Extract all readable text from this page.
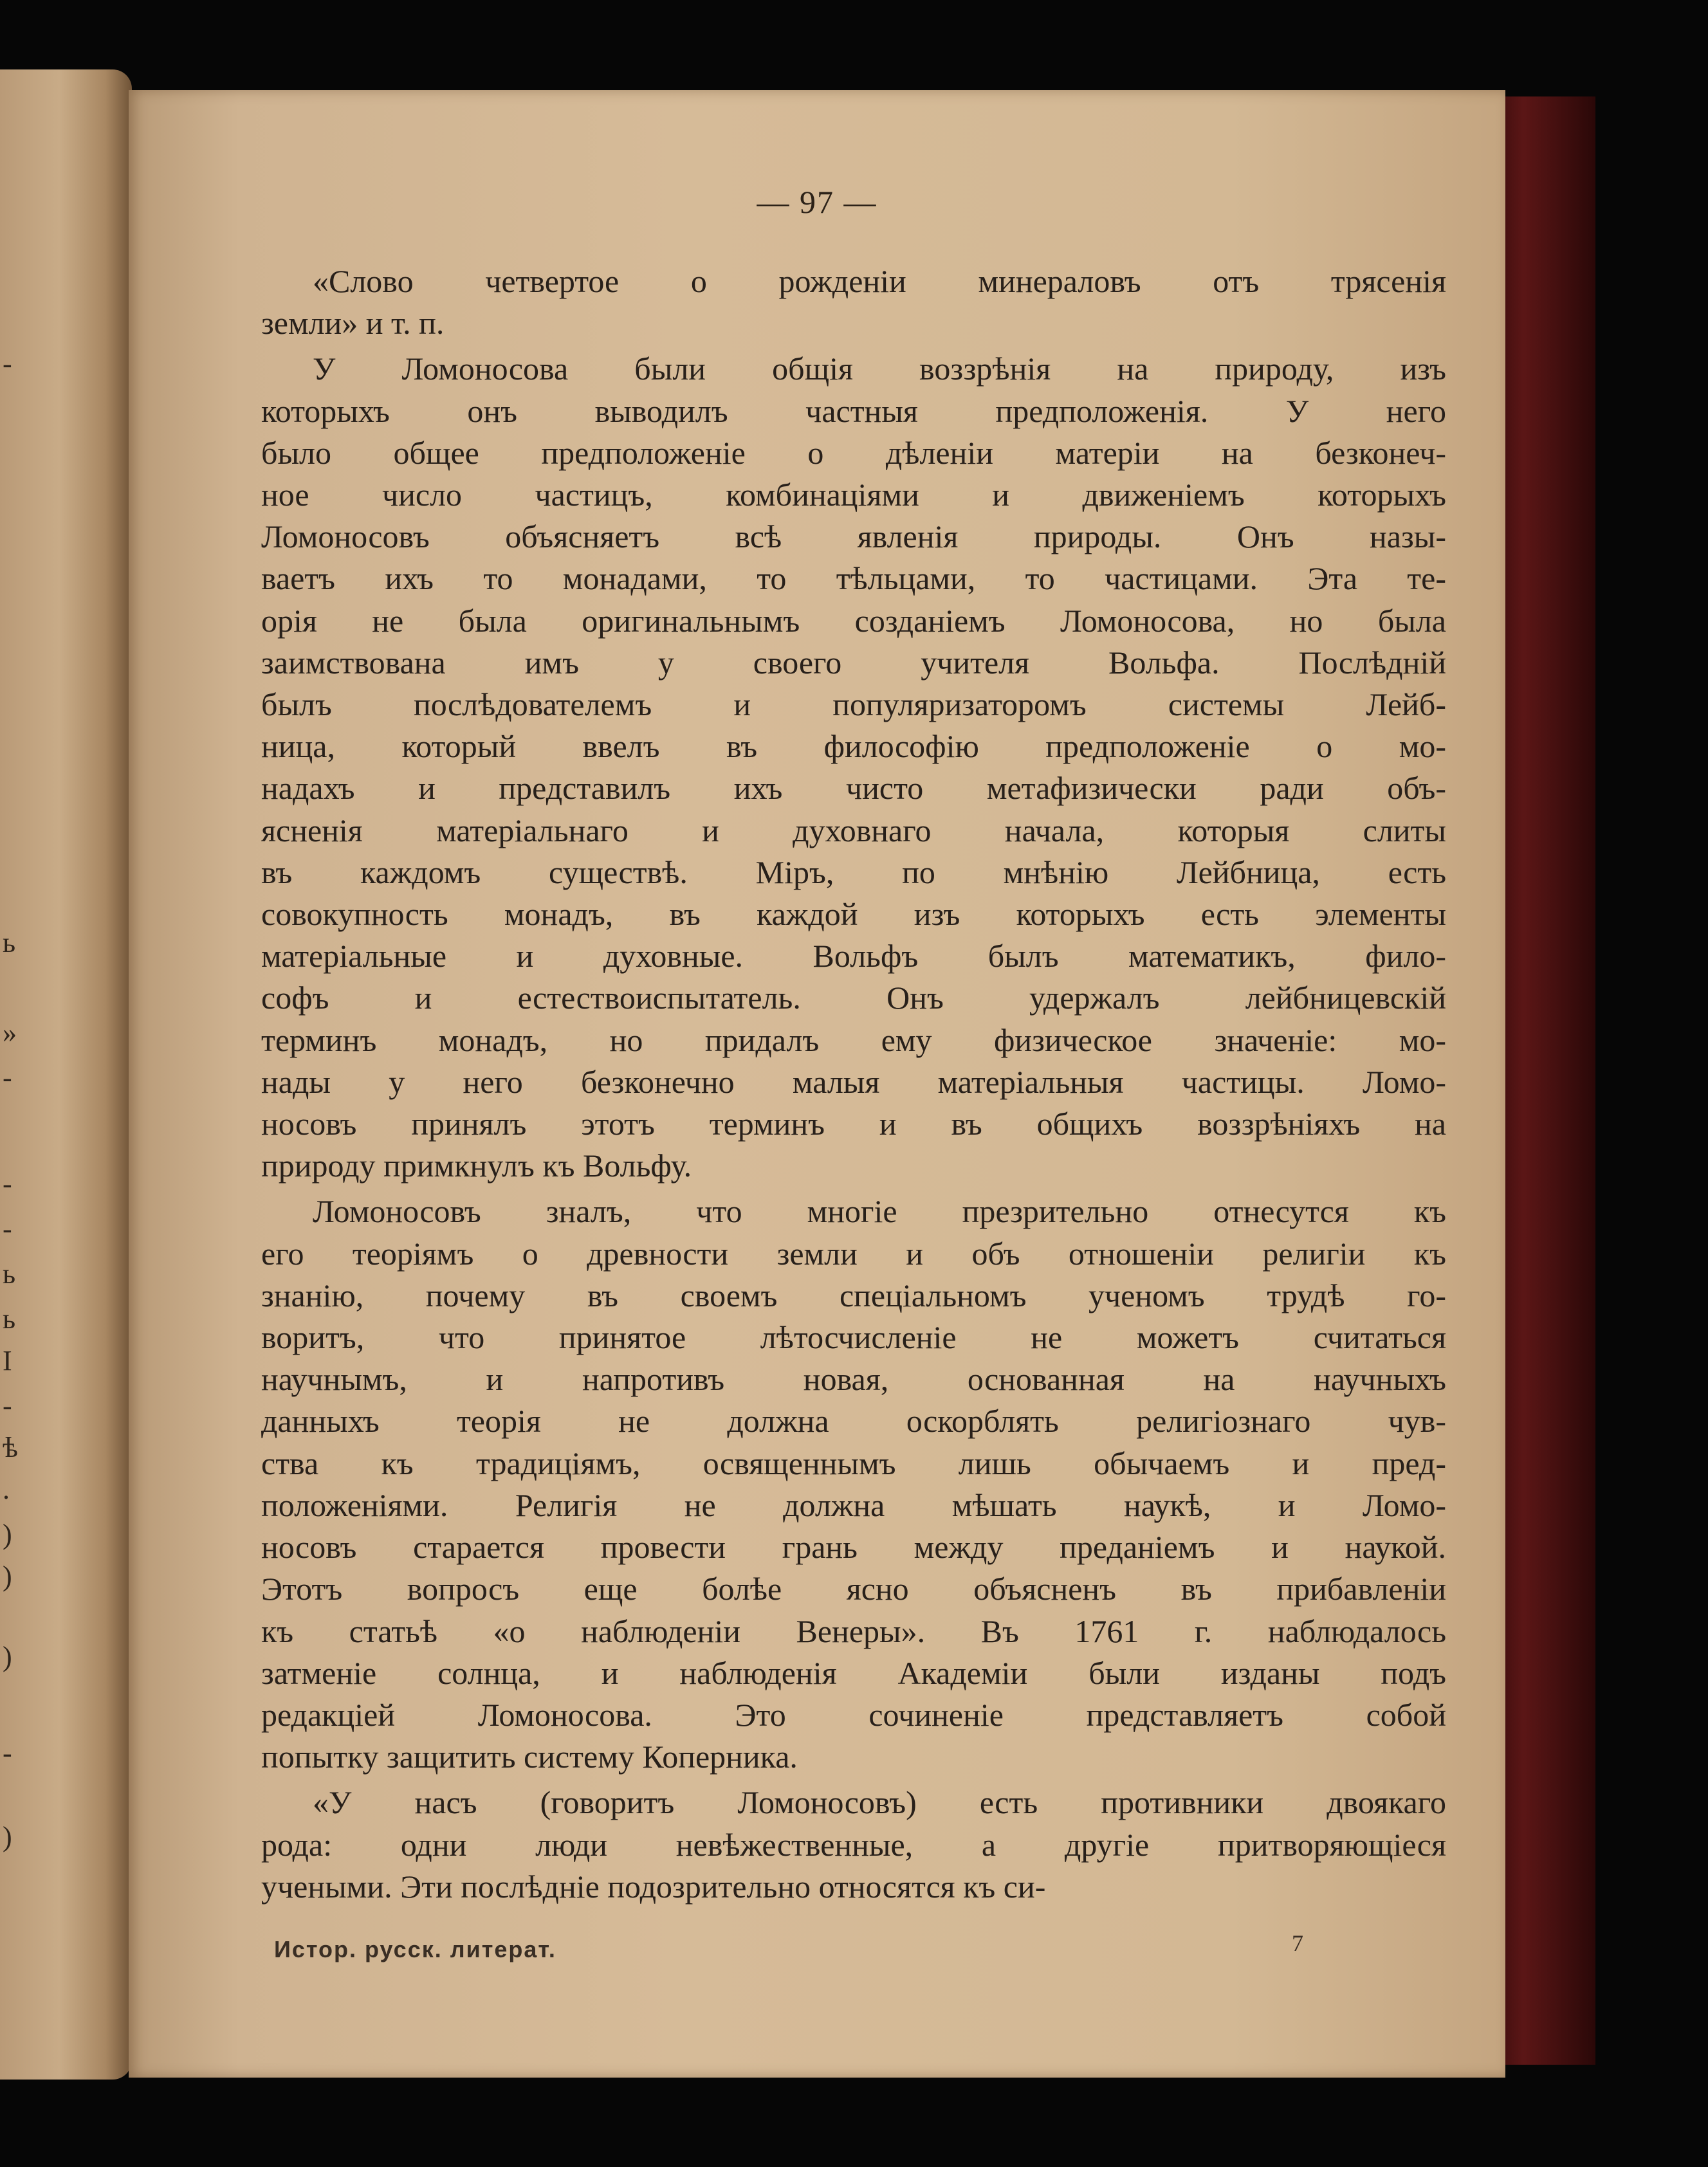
-
ь
»
-
-
-
ь
ь
I
-
ѣ
.
)
)
)
-
)
— 97 —

«Слово четвертое о рожденiи минераловъ отъ трясенiя

земли» и т. п.

У Ломоносова были общiя воззрѣнiя на природу, изъ

которыхъ онъ выводилъ частныя предположенiя. У него

было общее предположенiе о дѣленiи матерiи на безконеч-

ное число частицъ, комбинацiями и движенiемъ которыхъ

Ломоносовъ объясняетъ всѣ явленiя природы. Онъ назы-

ваетъ ихъ то монадами, то тѣльцами, то частицами. Эта те-

орiя не была оригинальнымъ созданiемъ Ломоносова, но была

заимствована имъ у своего учителя Вольфа. Послѣднiй

былъ послѣдователемъ и популяризаторомъ системы Лейб-

ница, который ввелъ въ философiю предположенiе о мо-

надахъ и представилъ ихъ чисто метафизически ради объ-

ясненiя матерiальнаго и духовнаго начала, которыя слиты

въ каждомъ существѣ. Мiръ, по мнѣнiю Лейбница, есть

совокупность монадъ, въ каждой изъ которыхъ есть элементы

матерiальные и духовные. Вольфъ былъ математикъ, фило-

софъ и естествоиспытатель. Онъ удержалъ лейбницевскiй

терминъ монадъ, но придалъ ему физическое значенiе: мо-

нады у него безконечно малыя матерiальныя частицы. Ломо-

носовъ принялъ этотъ терминъ и въ общихъ воззрѣнiяхъ на

природу примкнулъ къ Вольфу.

Ломоносовъ зналъ, что многiе презрительно отнесутся къ

его теорiямъ о древности земли и объ отношенiи религiи къ

знанiю, почему въ своемъ спецiальномъ ученомъ трудѣ го-

воритъ, что принятое лѣтосчисленiе не можетъ считаться

научнымъ, и напротивъ новая, основанная на научныхъ

данныхъ теорiя не должна оскорблять религiознаго чув-

ства къ традицiямъ, освященнымъ лишь обычаемъ и пред-

положенiями. Религiя не должна мѣшать наукѣ, и Ломо-

носовъ старается провести грань между преданiемъ и наукой.

Этотъ вопросъ еще болѣе ясно объясненъ въ прибавленiи

къ статьѣ «о наблюденiи Венеры». Въ 1761 г. наблюдалось

затменiе солнца, и наблюденiя Академiи были изданы подъ

редакцiей Ломоносова. Это сочиненiе представляетъ собой

попытку защитить систему Коперника.

«У насъ (говоритъ Ломоносовъ) есть противники двоякаго

рода: одни люди невѣжественные, а другiе притворяющiеся

учеными. Эти послѣднiе подозрительно относятся къ си-

Истор. русск. литерат.	7
